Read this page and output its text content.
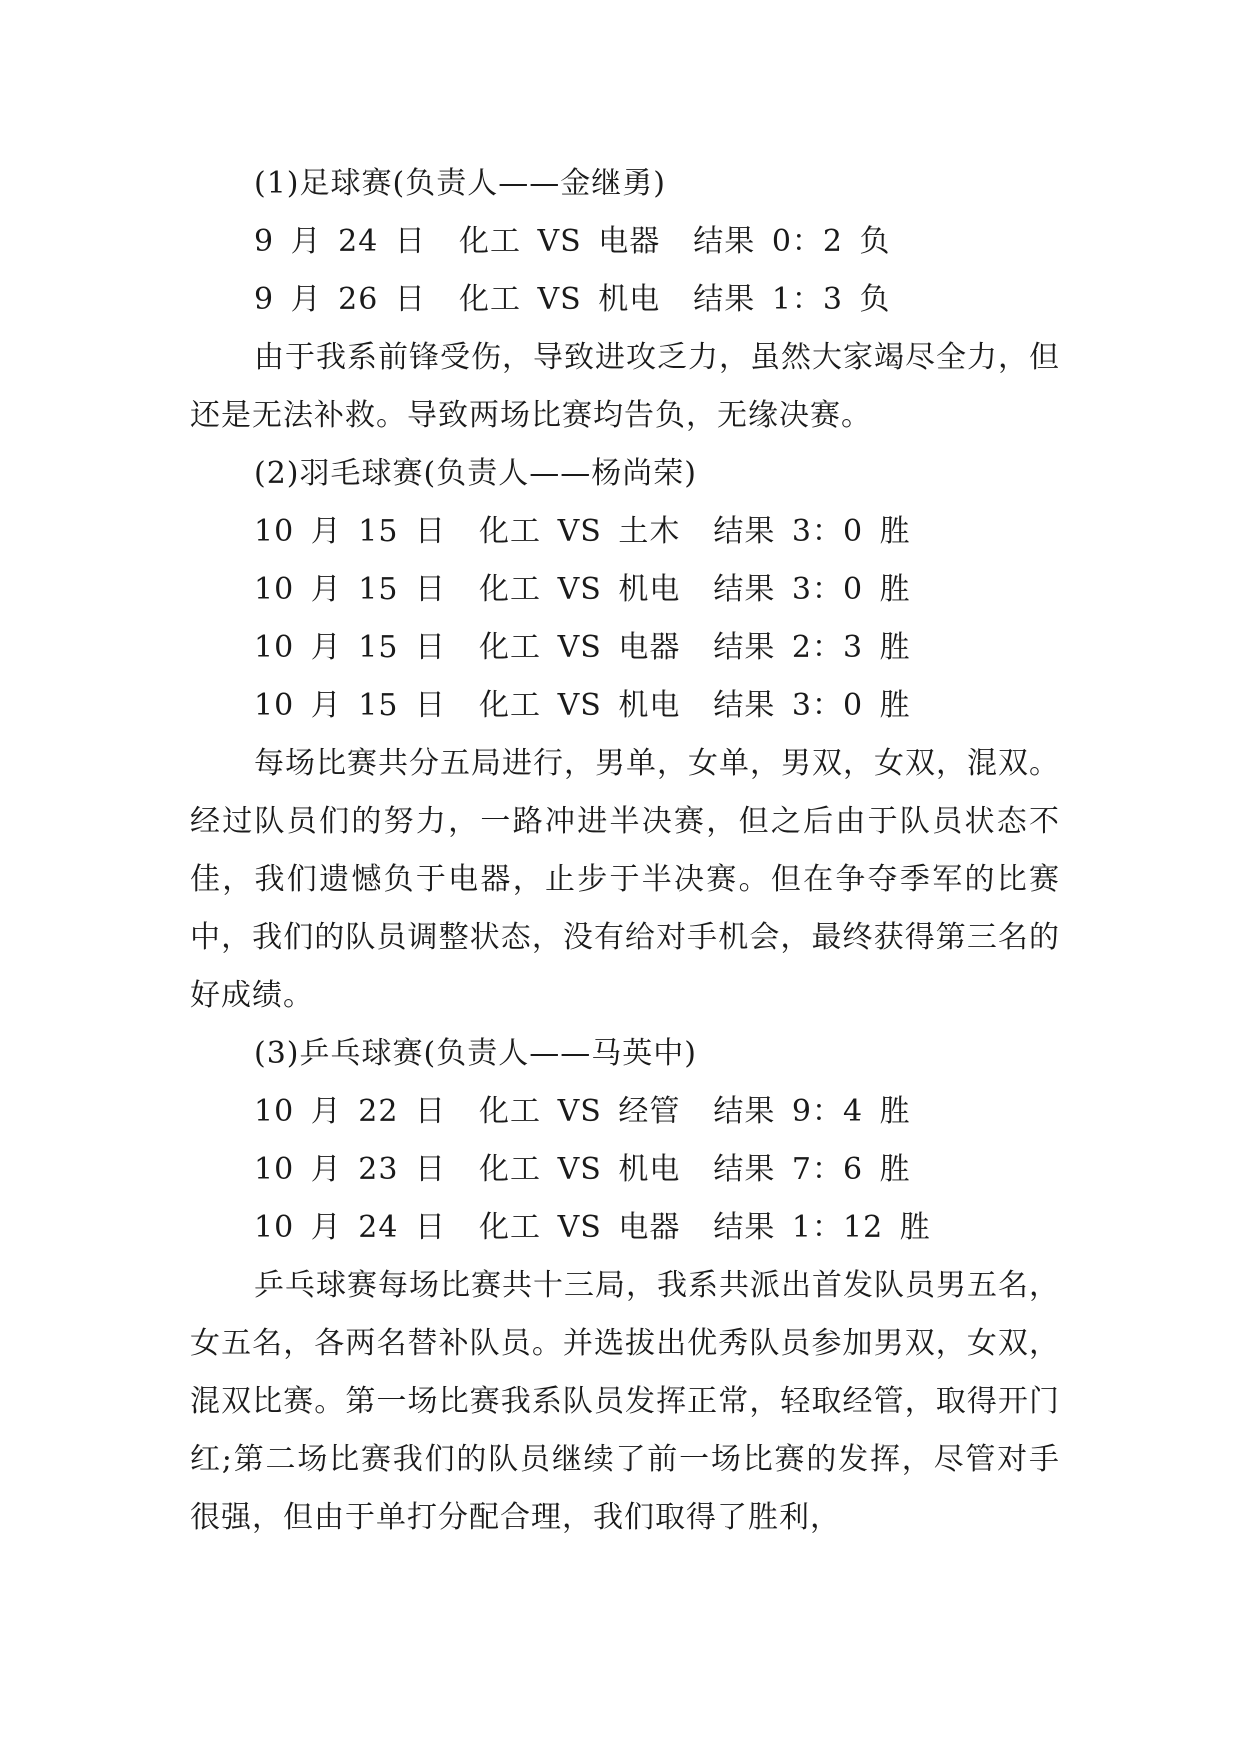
(1)足球赛(负责人——金继勇)
9 月 24 日  化工 VS 电器  结果 0：2 负
9 月 26 日  化工 VS 机电  结果 1：3 负

由于我系前锋受伤，导致进攻乏力，虽然大家竭尽全力，但还是无法补救。导致两场比赛均告负，无缘决赛。

(2)羽毛球赛(负责人——杨尚荣)
10 月 15 日  化工 VS 土木  结果 3：0 胜
10 月 15 日  化工 VS 机电  结果 3：0 胜
10 月 15 日  化工 VS 电器  结果 2：3 胜
10 月 15 日  化工 VS 机电  结果 3：0 胜

每场比赛共分五局进行，男单，女单，男双，女双，混双。经过队员们的努力，一路冲进半决赛，但之后由于队员状态不佳，我们遗憾负于电器，止步于半决赛。但在争夺季军的比赛中，我们的队员调整状态，没有给对手机会，最终获得第三名的好成绩。

(3)乒乓球赛(负责人——马英中)
10 月 22 日  化工 VS 经管  结果 9：4 胜
10 月 23 日  化工 VS 机电  结果 7：6 胜
10 月 24 日  化工 VS 电器  结果 1：12 胜

乒乓球赛每场比赛共十三局，我系共派出首发队员男五名，女五名，各两名替补队员。并选拔出优秀队员参加男双，女双，混双比赛。第一场比赛我系队员发挥正常，轻取经管，取得开门红;第二场比赛我们的队员继续了前一场比赛的发挥，尽管对手很强，但由于单打分配合理，我们取得了胜利，
